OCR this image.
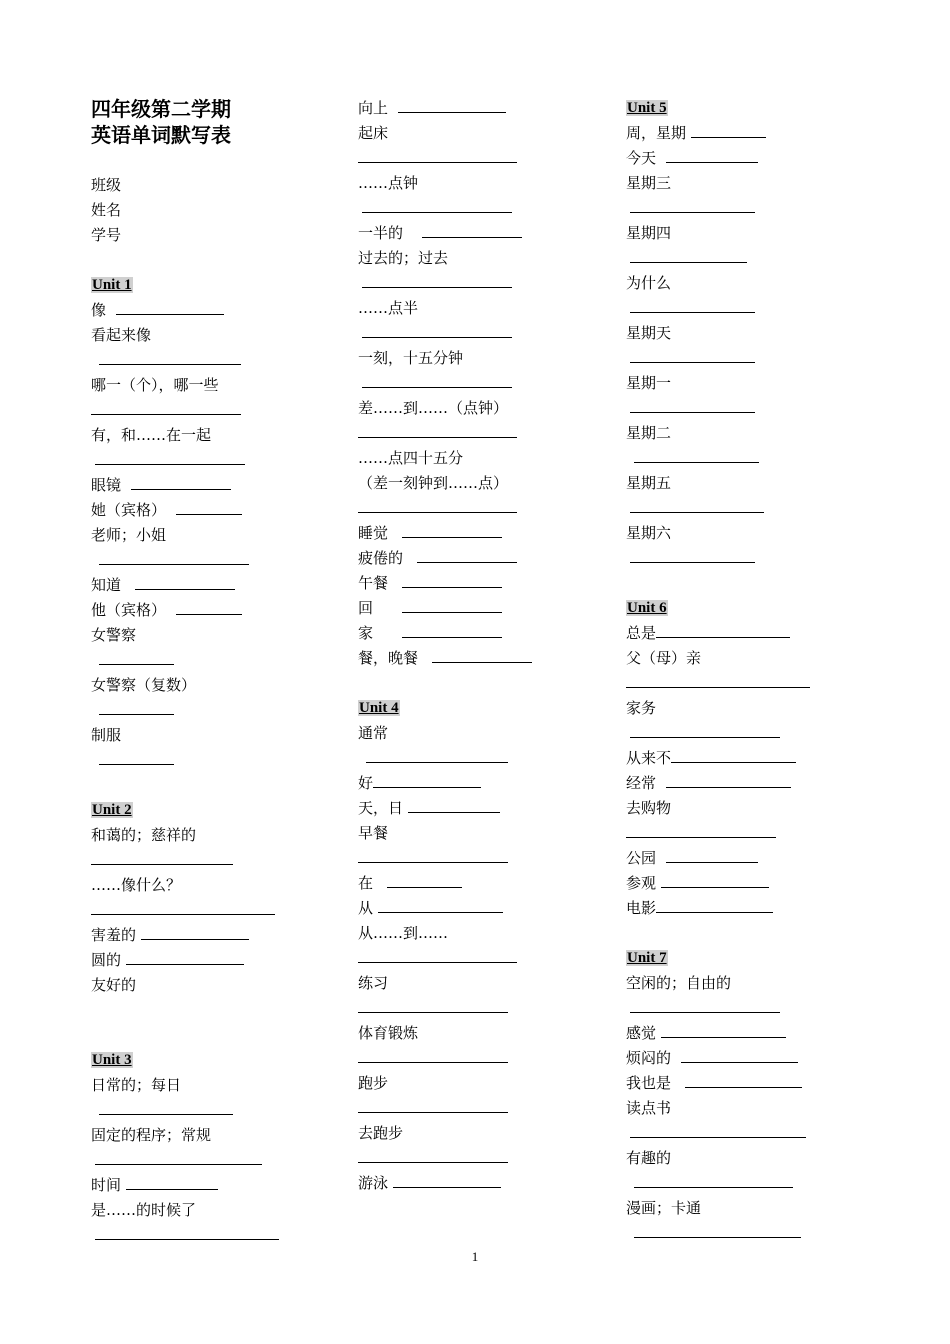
四年级第二学期
英语单词默写表
班级
姓名
学号
Unit 1
像
看起来像
哪一（个），哪一些
有，和……在一起
眼镜
她（宾格）
老师；小姐
知道
他（宾格）
女警察
女警察（复数）
制服
Unit 2
和蔼的；慈祥的
……像什么？
害羞的
圆的
友好的
Unit 3
日常的；每日
固定的程序；常规
时间
是……的时候了
向上
起床
……点钟
一半的
过去的；过去
……点半
一刻，十五分钟
差……到……（点钟）
……点四十五分
（差一刻钟到……点）
睡觉
疲倦的
午餐
回
家
餐，晚餐
Unit 4
通常
好
天，日
早餐
在
从
从……到……
练习
体育锻炼
跑步
去跑步
游泳
Unit 5
周，星期
今天
星期三
星期四
为什么
星期天
星期一
星期二
星期五
星期六
Unit 6
总是
父（母）亲
家务
从来不
经常
去购物
公园
参观
电影
Unit 7
空闲的；自由的
感觉
烦闷的
我也是
读点书
有趣的
漫画；卡通
1
